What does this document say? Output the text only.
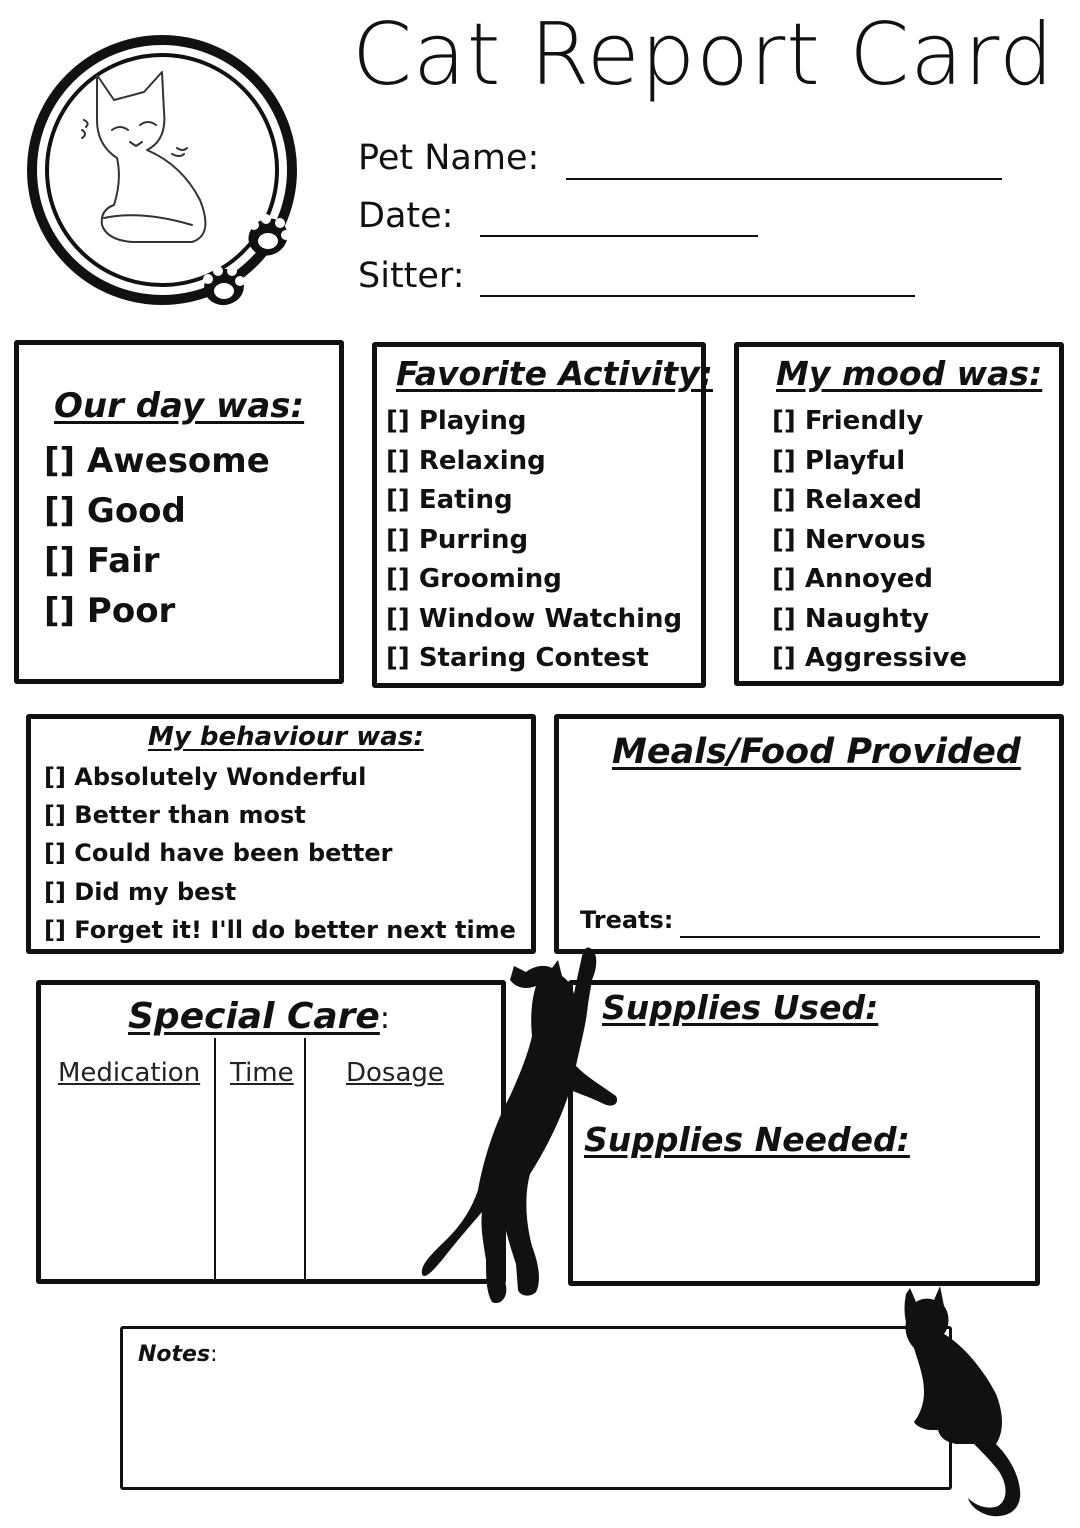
Cat Report Card
Pet Name:
Date:
Sitter:
Our day was:
[] Awesome
[] Good
[] Fair
[] Poor
Favorite Activity:
[] Playing
[] Relaxing
[] Eating
[] Purring
[] Grooming
[] Window Watching
[] Staring Contest
My mood was:
[] Friendly
[] Playful
[] Relaxed
[] Nervous
[] Annoyed
[] Naughty
[] Aggressive
My behaviour was:
[] Absolutely Wonderful
[] Better than most
[] Could have been better
[] Did my best
[] Forget it! I'll do better next time
Meals/Food Provided
Treats:
Special Care:
Medication Time Dosage
Supplies Used:
Supplies Needed:
Notes:
